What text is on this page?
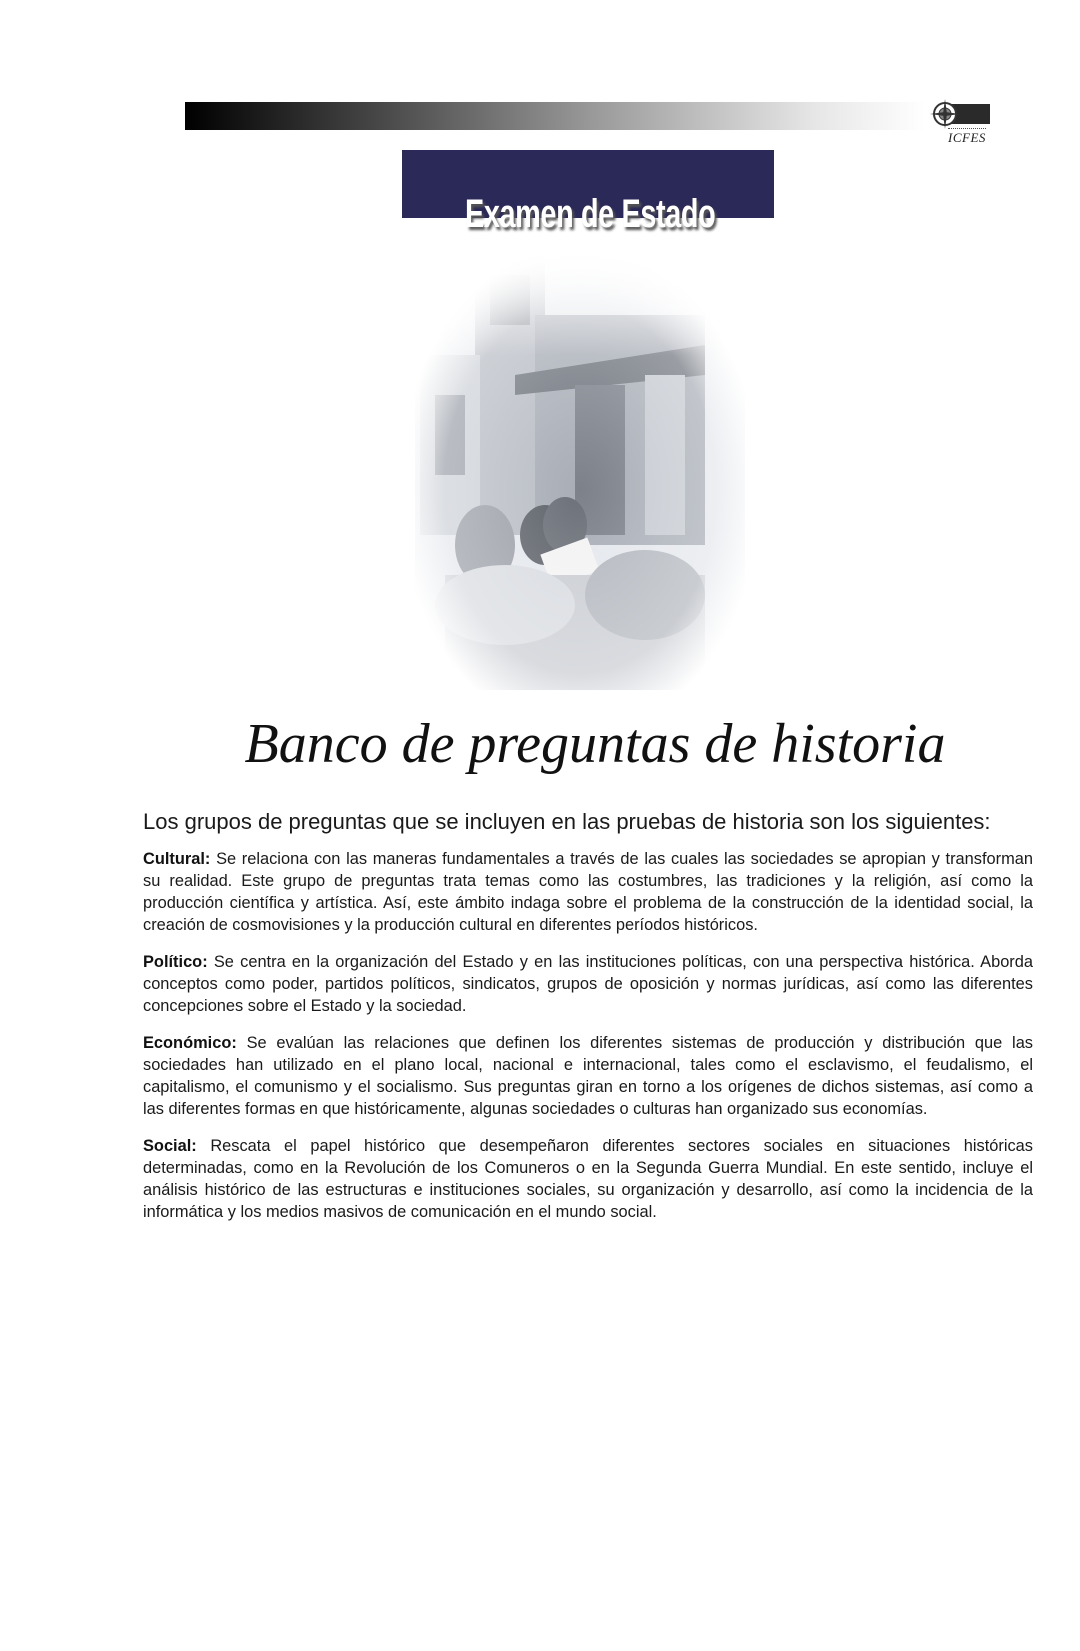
ICFES
Examen de Estado
Banco de preguntas de historia

Los grupos de preguntas que se incluyen en las pruebas de historia son los siguientes:

Cultural: Se relaciona con las maneras fundamentales a través de las cuales las sociedades se apropian y transforman su realidad. Este grupo de preguntas trata temas como las costumbres, las tradiciones y la religión, así como la producción científica y artística. Así, este ámbito indaga sobre el problema de la construcción de la identidad social, la creación de cosmovisiones y la producción cultural en diferentes períodos históricos.

Político: Se centra en la organización del Estado y en las instituciones políticas, con una perspectiva histórica. Aborda conceptos como poder, partidos políticos, sindicatos, grupos de oposición y normas jurídicas, así como las diferentes concepciones sobre el Estado y la sociedad.

Económico: Se evalúan las relaciones que definen los diferentes sistemas de producción y distribución que las sociedades han utilizado en el plano local, nacional e internacional, tales como el esclavismo, el feudalismo, el capitalismo, el comunismo y el socialismo. Sus preguntas giran en torno a los orígenes de dichos sistemas, así como a las diferentes formas en que históricamente, algunas sociedades o culturas han organizado sus economías.

Social: Rescata el papel histórico que desempeñaron diferentes sectores sociales en situaciones históricas determinadas, como en la Revolución de los Comuneros o en la Segunda Guerra Mundial. En este sentido, incluye el análisis histórico de las estructuras e instituciones sociales, su organización y desarrollo, así como la incidencia de la informática y los medios masivos de comunicación en el mundo social.
